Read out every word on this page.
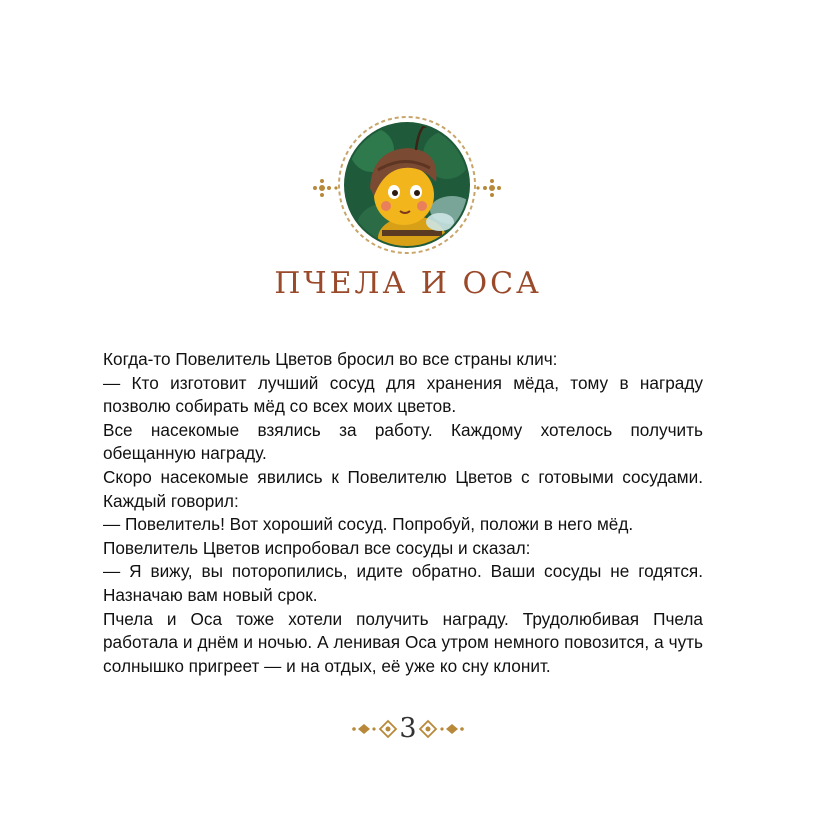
ПЧЕЛА И ОСА

Когда-то Повелитель Цветов бросил во все страны клич:

— Кто изготовит лучший сосуд для хранения мёда, тому в награду позволю собирать мёд со всех моих цветов.

Все насекомые взялись за работу. Каждому хотелось получить обещанную награду.

Скоро насекомые явились к Повелителю Цветов с готовыми сосудами. Каждый говорил:

— Повелитель! Вот хороший сосуд. Попробуй, положи в него мёд.

Повелитель Цветов испробовал все сосуды и сказал:

— Я вижу, вы поторопились, идите обратно. Ваши сосуды не годятся. Назначаю вам новый срок.

Пчела и Оса тоже хотели получить награду. Трудолюбивая Пчела работала и днём и ночью. А ленивая Оса утром немного повозится, а чуть солнышко пригреет — и на отдых, её уже ко сну клонит.

3
